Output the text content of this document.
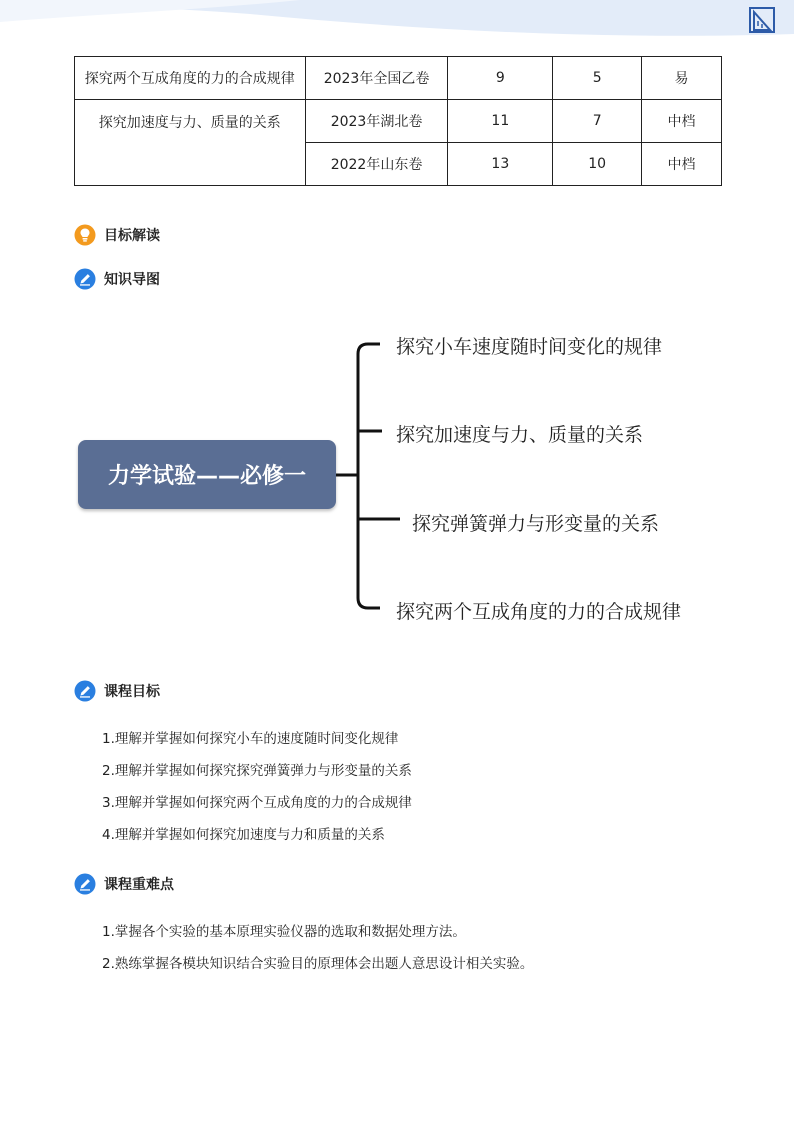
探究两个互成角度的力的合成规律	2023年全国乙卷	9	5	易
探究加速度与力、质量的关系	2023年湖北卷	11	7	中档
	2022年山东卷	13	10	中档
目标解读
知识导图
力学试验——必修一
探究小车速度随时间变化的规律
探究加速度与力、质量的关系
探究弹簧弹力与形变量的关系
探究两个互成角度的力的合成规律
课程目标
1.理解并掌握如何探究小车的速度随时间变化规律
2.理解并掌握如何探究探究弹簧弹力与形变量的关系
3.理解并掌握如何探究两个互成角度的力的合成规律
4.理解并掌握如何探究加速度与力和质量的关系
课程重难点
1.掌握各个实验的基本原理实验仪器的选取和数据处理方法。
2.熟练掌握各模块知识结合实验目的原理体会出题人意思设计相关实验。
